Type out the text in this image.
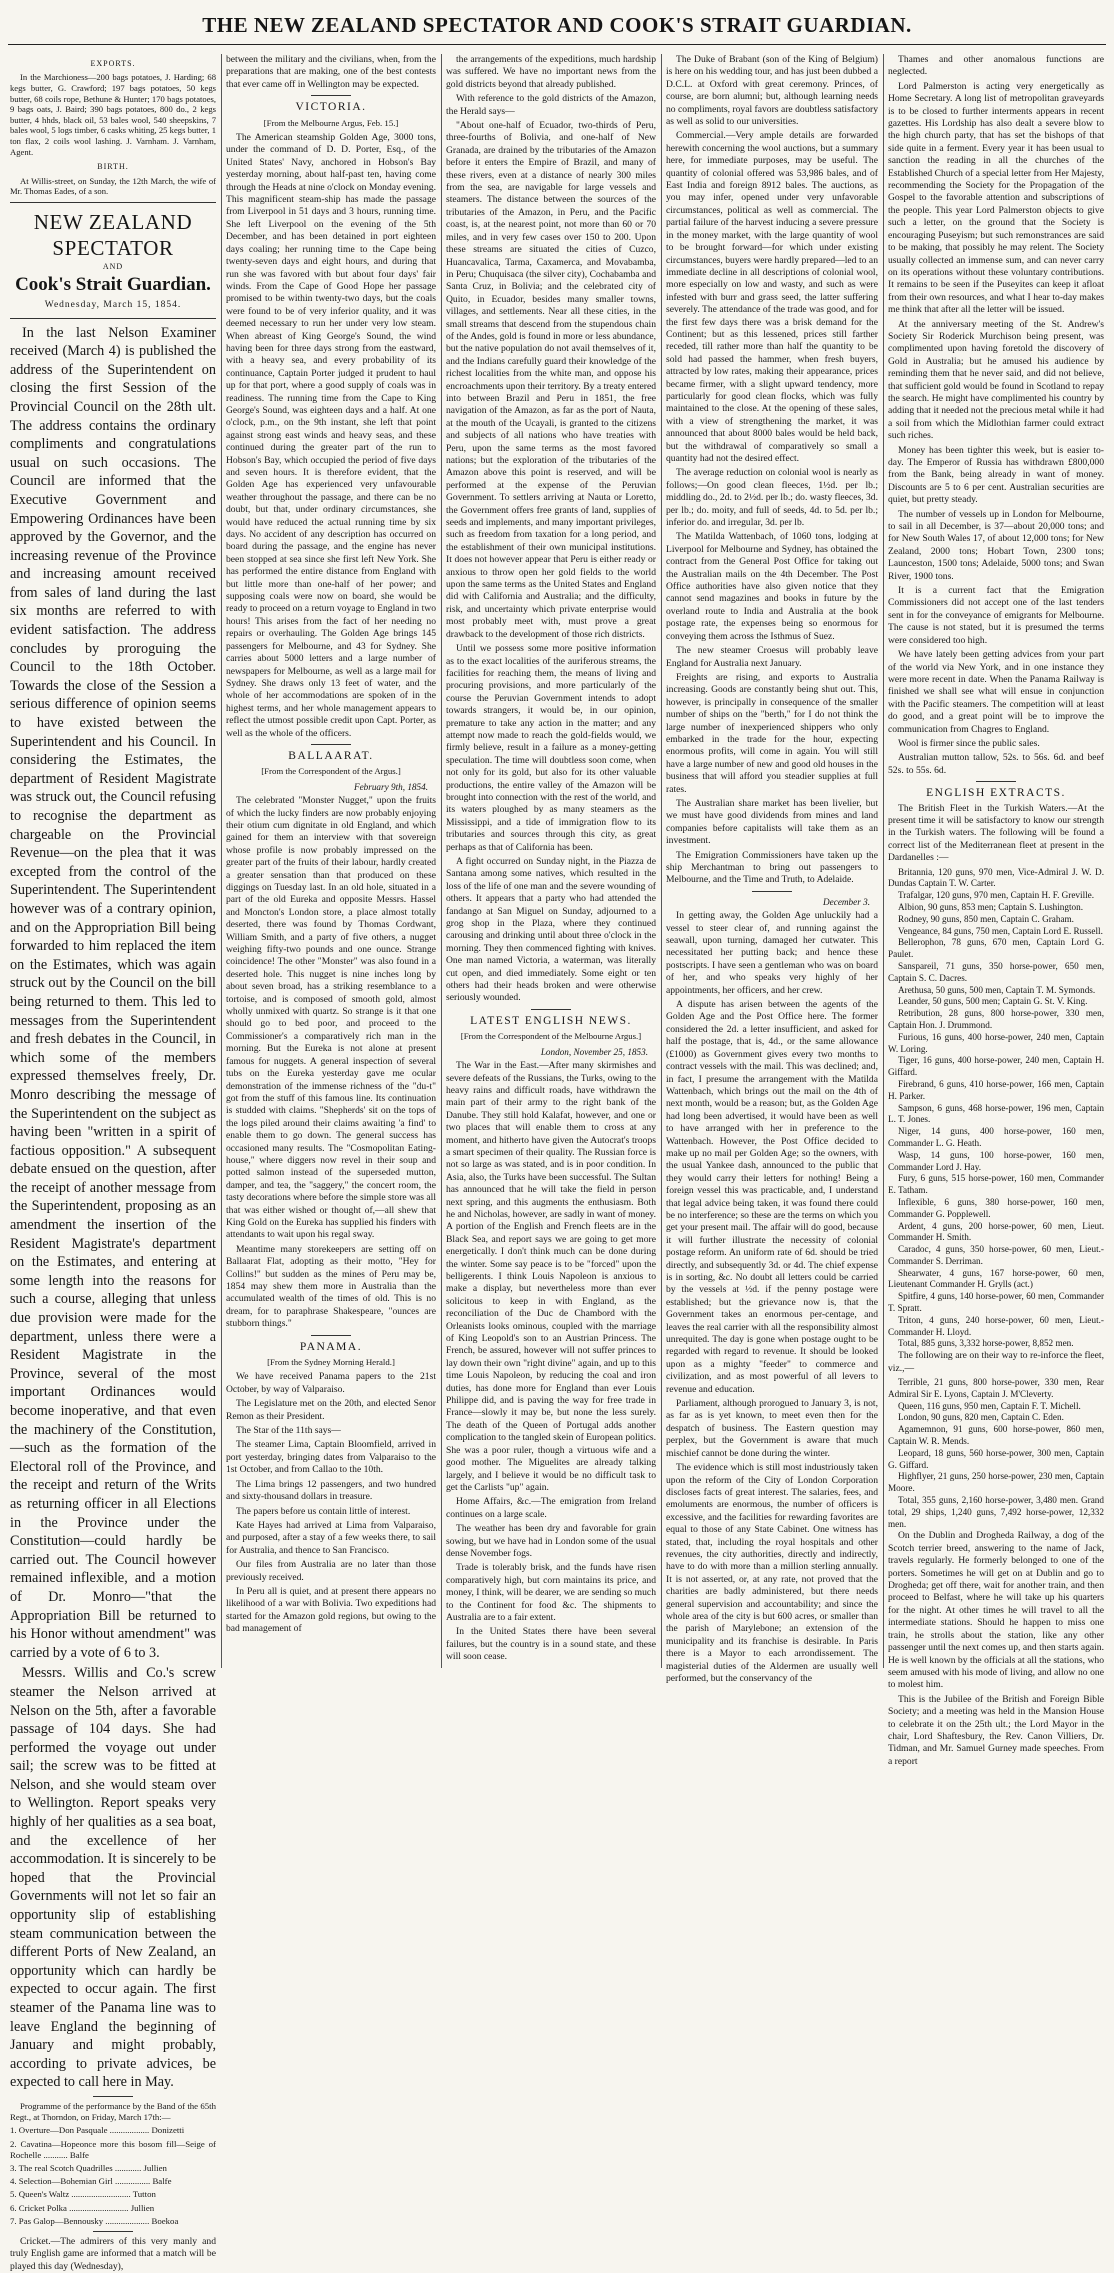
THE NEW ZEALAND SPECTATOR AND COOK'S STRAIT GUARDIAN.
EXPORTS.

In the Marchioness—200 bags potatoes, J. Harding; 68 kegs butter, G. Crawford; 197 bags potatoes, 50 kegs butter, 68 coils rope, Bethune & Hunter; 170 bags potatoes, 9 bags oats, J. Baird; 390 bags potatoes, 800 do., 2 kegs butter, 4 hhds, black oil, 53 bales wool, 540 sheepskins, 7 bales wool, 5 logs timber, 6 casks whiting, 25 kegs butter, 1 ton flax, 2 coils wool lashing. J. Varnham. J. Varnham, Agent.

BIRTH.

At Willis-street, on Sunday, the 12th March, the wife of Mr. Thomas Eades, of a son.

NEW ZEALAND SPECTATOR
AND
Cook's Strait Guardian.
Wednesday, March 15, 1854.

In the last Nelson Examiner received (March 4) is published the address of the Superintendent on closing the first Session of the Provincial Council on the 28th ult. The address contains the ordinary compliments and congratulations usual on such occasions. The Council are informed that the Executive Government and Empowering Ordinances have been approved by the Governor, and the increasing revenue of the Province and increasing amount received from sales of land during the last six months are referred to with evident satisfaction. The address concludes by proroguing the Council to the 18th October. Towards the close of the Session a serious difference of opinion seems to have existed between the Superintendent and his Council. In considering the Estimates, the department of Resident Magistrate was struck out, the Council refusing to recognise the department as chargeable on the Provincial Revenue—on the plea that it was excepted from the control of the Superintendent. The Superintendent however was of a contrary opinion, and on the Appropriation Bill being forwarded to him replaced the item on the Estimates, which was again struck out by the Council on the bill being returned to them. This led to messages from the Superintendent and fresh debates in the Council, in which some of the members expressed themselves freely, Dr. Monro describing the message of the Superintendent on the subject as having been "written in a spirit of factious opposition." A subsequent debate ensued on the question, after the receipt of another message from the Superintendent, proposing as an amendment the insertion of the Resident Magistrate's department on the Estimates, and entering at some length into the reasons for such a course, alleging that unless due provision were made for the department, unless there were a Resident Magistrate in the Province, several of the most important Ordinances would become inoperative, and that even the machinery of the Constitution,—such as the formation of the Electoral roll of the Province, and the receipt and return of the Writs as returning officer in all Elections in the Province under the Constitution—could hardly be carried out. The Council however remained inflexible, and a motion of Dr. Monro—"that the Appropriation Bill be returned to his Honor without amendment" was carried by a vote of 6 to 3.

Messrs. Willis and Co.'s screw steamer the Nelson arrived at Nelson on the 5th, after a favorable passage of 104 days. She had performed the voyage out under sail; the screw was to be fitted at Nelson, and she would steam over to Wellington. Report speaks very highly of her qualities as a sea boat, and the excellence of her accommodation. It is sincerely to be hoped that the Provincial Governments will not let so fair an opportunity slip of establishing steam communication between the different Ports of New Zealand, an opportunity which can hardly be expected to occur again. The first steamer of the Panama line was to leave England the beginning of January and might probably, according to private advices, be expected to call here in May.

Programme of the performance by the Band of the 65th Regt., at Thorndon, on Friday, March 17th:—

1. Overture—Don Pasquale .................. Donizetti

2. Cavatina—Hopeonce more this bosom fill—Seige of Rochelle ........... Balfe

3. The real Scotch Quadrilles ............ Jullien

4. Selection—Bohemian Girl ................ Balfe

5. Queen's Waltz ........................... Tutton

6. Cricket Polka ........................... Jullien

7. Pas Galop—Bennousky .................... Boekoa

Cricket.—The admirers of this very manly and truly English game are informed that a match will be played this day (Wednesday),

between the military and the civilians, when, from the preparations that are making, one of the best contests that ever came off in Wellington may be expected.

VICTORIA.
[From the Melbourne Argus, Feb. 15.]

The American steamship Golden Age, 3000 tons, under the command of D. D. Porter, Esq., of the United States' Navy, anchored in Hobson's Bay yesterday morning, about half-past ten, having come through the Heads at nine o'clock on Monday evening. This magnificent steam-ship has made the passage from Liverpool in 51 days and 3 hours, running time. She left Liverpool on the evening of the 5th December, and has been detained in port eighteen days coaling; her running time to the Cape being twenty-seven days and eight hours, and during that run she was favored with but about four days' fair winds. From the Cape of Good Hope her passage promised to be within twenty-two days, but the coals were found to be of very inferior quality, and it was deemed necessary to run her under very low steam. When abreast of King George's Sound, the wind having been for three days strong from the eastward, with a heavy sea, and every probability of its continuance, Captain Porter judged it prudent to haul up for that port, where a good supply of coals was in readiness. The running time from the Cape to King George's Sound, was eighteen days and a half. At one o'clock, p.m., on the 9th instant, she left that point against strong east winds and heavy seas, and these continued during the greater part of the run to Hobson's Bay, which occupied the period of five days and seven hours. It is therefore evident, that the Golden Age has experienced very unfavourable weather throughout the passage, and there can be no doubt, but that, under ordinary circumstances, she would have reduced the actual running time by six days. No accident of any description has occurred on board during the passage, and the engine has never been stopped at sea since she first left New York. She has performed the entire distance from England with but little more than one-half of her power; and supposing coals were now on board, she would be ready to proceed on a return voyage to England in two hours! This arises from the fact of her needing no repairs or overhauling. The Golden Age brings 145 passengers for Melbourne, and 43 for Sydney. She carries about 5000 letters and a large number of newspapers for Melbourne, as well as a large mail for Sydney. She draws only 13 feet of water, and the whole of her accommodations are spoken of in the highest terms, and her whole management appears to reflect the utmost possible credit upon Capt. Porter, as well as the whole of the officers.

BALLAARAT.
[From the Correspondent of the Argus.]
February 9th, 1854.

The celebrated "Monster Nugget," upon the fruits of which the lucky finders are now probably enjoying their otium cum dignitate in old England, and which gained for them an interview with that sovereign whose profile is now probably impressed on the greater part of the fruits of their labour, hardly created a greater sensation than that produced on these diggings on Tuesday last. In an old hole, situated in a part of the old Eureka and opposite Messrs. Hassel and Moncton's London store, a place almost totally deserted, there was found by Thomas Cordwant, William Smith, and a party of five others, a nugget weighing fifty-two pounds and one ounce. Strange coincidence! The other "Monster" was also found in a deserted hole. This nugget is nine inches long by about seven broad, has a striking resemblance to a tortoise, and is composed of smooth gold, almost wholly unmixed with quartz. So strange is it that one should go to bed poor, and proceed to the Commissioner's a comparatively rich man in the morning. But the Eureka is not alone at present famous for nuggets. A general inspection of several tubs on the Eureka yesterday gave me ocular demonstration of the immense richness of the "du-t" got from the stuff of this famous line. Its continuation is studded with claims. "Shepherds' sit on the tops of the logs piled around their claims awaiting 'a find' to enable them to go down. The general success has occasioned many results. The "Cosmopolitan Eating-house," where diggers now revel in their soup and potted salmon instead of the superseded mutton, damper, and tea, the "saggery," the concert room, the tasty decorations where before the simple store was all that was either wished or thought of,—all shew that King Gold on the Eureka has supplied his finders with attendants to wait upon his regal sway.

Meantime many storekeepers are setting off on Ballaarat Flat, adopting as their motto, "Hey for Collins!" but sudden as the mines of Peru may be, 1854 may shew them more in Australia than the accumulated wealth of the times of old. This is no dream, for to paraphrase Shakespeare, "ounces are stubborn things."

PANAMA.
[From the Sydney Morning Herald.]

We have received Panama papers to the 21st October, by way of Valparaiso.

The Legislature met on the 20th, and elected Senor Remon as their President.

The Star of the 11th says—

The steamer Lima, Captain Bloomfield, arrived in port yesterday, bringing dates from Valparaiso to the 1st October, and from Callao to the 10th.

The Lima brings 12 passengers, and two hundred and sixty-thousand dollars in treasure.

The papers before us contain little of interest.

Kate Hayes had arrived at Lima from Valparaiso, and purposed, after a stay of a few weeks there, to sail for Australia, and thence to San Francisco.

Our files from Australia are no later than those previously received.

In Peru all is quiet, and at present there appears no likelihood of a war with Bolivia. Two expeditions had started for the Amazon gold regions, but owing to the bad management of

the arrangements of the expeditions, much hardship was suffered. We have no important news from the gold districts beyond that already published.

With reference to the gold districts of the Amazon, the Herald says—

"About one-half of Ecuador, two-thirds of Peru, three-fourths of Bolivia, and one-half of New Granada, are drained by the tributaries of the Amazon before it enters the Empire of Brazil, and many of these rivers, even at a distance of nearly 300 miles from the sea, are navigable for large vessels and steamers. The distance between the sources of the tributaries of the Amazon, in Peru, and the Pacific coast, is, at the nearest point, not more than 60 or 70 miles, and in very few cases over 150 to 200. Upon these streams are situated the cities of Cuzco, Huancavalica, Tarma, Caxamerca, and Movabamba, in Peru; Chuquisaca (the silver city), Cochabamba and Santa Cruz, in Bolivia; and the celebrated city of Quito, in Ecuador, besides many smaller towns, villages, and settlements. Near all these cities, in the small streams that descend from the stupendous chain of the Andes, gold is found in more or less abundance, but the native population do not avail themselves of it, and the Indians carefully guard their knowledge of the richest localities from the white man, and oppose his encroachments upon their territory. By a treaty entered into between Brazil and Peru in 1851, the free navigation of the Amazon, as far as the port of Nauta, at the mouth of the Ucayali, is granted to the citizens and subjects of all nations who have treaties with Peru, upon the same terms as the most favored nations; but the exploration of the tributaries of the Amazon above this point is reserved, and will be performed at the expense of the Peruvian Government. To settlers arriving at Nauta or Loretto, the Government offers free grants of land, supplies of seeds and implements, and many important privileges, such as freedom from taxation for a long period, and the establishment of their own municipal institutions. It does not however appear that Peru is either ready or anxious to throw open her gold fields to the world upon the same terms as the United States and England did with California and Australia; and the difficulty, risk, and uncertainty which private enterprise would most probably meet with, must prove a great drawback to the development of those rich districts.

Until we possess some more positive information as to the exact localities of the auriferous streams, the facilities for reaching them, the means of living and procuring provisions, and more particularly of the course the Peruvian Government intends to adopt towards strangers, it would be, in our opinion, premature to take any action in the matter; and any attempt now made to reach the gold-fields would, we firmly believe, result in a failure as a money-getting speculation. The time will doubtless soon come, when not only for its gold, but also for its other valuable productions, the entire valley of the Amazon will be brought into connection with the rest of the world, and its waters ploughed by as many steamers as the Mississippi, and a tide of immigration flow to its tributaries and sources through this city, as great perhaps as that of California has been.

A fight occurred on Sunday night, in the Piazza de Santana among some natives, which resulted in the loss of the life of one man and the severe wounding of others. It appears that a party who had attended the fandango at San Miguel on Sunday, adjourned to a grog shop in the Plaza, where they continued carousing and drinking until about three o'clock in the morning. They then commenced fighting with knives. One man named Victoria, a waterman, was literally cut open, and died immediately. Some eight or ten others had their heads broken and were otherwise seriously wounded.

LATEST ENGLISH NEWS.
[From the Correspondent of the Melbourne Argus.]
London, November 25, 1853.

The War in the East.—After many skirmishes and severe defeats of the Russians, the Turks, owing to the heavy rains and difficult roads, have withdrawn the main part of their army to the right bank of the Danube. They still hold Kalafat, however, and one or two places that will enable them to cross at any moment, and hitherto have given the Autocrat's troops a smart specimen of their quality. The Russian force is not so large as was stated, and is in poor condition. In Asia, also, the Turks have been successful. The Sultan has announced that he will take the field in person next spring, and this augments the enthusiasm. Both he and Nicholas, however, are sadly in want of money. A portion of the English and French fleets are in the Black Sea, and report says we are going to get more energetically. I don't think much can be done during the winter. Some say peace is to be "forced" upon the belligerents. I think Louis Napoleon is anxious to make a display, but nevertheless more than ever solicitous to keep in with England, as the reconciliation of the Duc de Chambord with the Orleanists looks ominous, coupled with the marriage of King Leopold's son to an Austrian Princess. The French, be assured, however will not suffer princes to lay down their own "right divine" again, and up to this time Louis Napoleon, by reducing the coal and iron duties, has done more for England than ever Louis Philippe did, and is paving the way for free trade in France—slowly it may be, but none the less surely. The death of the Queen of Portugal adds another complication to the tangled skein of European politics. She was a poor ruler, though a virtuous wife and a good mother. The Miguelites are already talking largely, and I believe it would be no difficult task to get the Carlists "up" again.

Home Affairs, &c.—The emigration from Ireland continues on a large scale.

The weather has been dry and favorable for grain sowing, but we have had in London some of the usual dense November fogs.

Trade is tolerably brisk, and the funds have risen comparatively high, but corn maintains its price, and money, I think, will be dearer, we are sending so much to the Continent for food &c. The shipments to Australia are to a fair extent.

In the United States there have been several failures, but the country is in a sound state, and these will soon cease.

The Duke of Brabant (son of the King of Belgium) is here on his wedding tour, and has just been dubbed a D.C.L. at Oxford with great ceremony. Princes, of course, are born alumni; but, although learning needs no compliments, royal favors are doubtless satisfactory as well as solid to our universities.

Commercial.—Very ample details are forwarded herewith concerning the wool auctions, but a summary here, for immediate purposes, may be useful. The quantity of colonial offered was 53,986 bales, and of East India and foreign 8912 bales. The auctions, as you may infer, opened under very unfavorable circumstances, political as well as commercial. The partial failure of the harvest inducing a severe pressure in the money market, with the large quantity of wool to be brought forward—for which under existing circumstances, buyers were hardly prepared—led to an immediate decline in all descriptions of colonial wool, more especially on low and wasty, and such as were infested with burr and grass seed, the latter suffering severely. The attendance of the trade was good, and for the first few days there was a brisk demand for the Continent; but as this lessened, prices still farther receded, till rather more than half the quantity to be sold had passed the hammer, when fresh buyers, attracted by low rates, making their appearance, prices became firmer, with a slight upward tendency, more particularly for good clean flocks, which was fully maintained to the close. At the opening of these sales, with a view of strengthening the market, it was announced that about 8000 bales would be held back, but the withdrawal of comparatively so small a quantity had not the desired effect.

The average reduction on colonial wool is nearly as follows;—On good clean fleeces, 1½d. per lb.; middling do., 2d. to 2½d. per lb.; do. wasty fleeces, 3d. per lb.; do. moity, and full of seeds, 4d. to 5d. per lb.; inferior do. and irregular, 3d. per lb.

The Matilda Wattenbach, of 1060 tons, lodging at Liverpool for Melbourne and Sydney, has obtained the contract from the General Post Office for taking out the Australian mails on the 4th December. The Post Office authorities have also given notice that they cannot send magazines and books in future by the overland route to India and Australia at the book postage rate, the expenses being so enormous for conveying them across the Isthmus of Suez.

The new steamer Croesus will probably leave England for Australia next January.

Freights are rising, and exports to Australia increasing. Goods are constantly being shut out. This, however, is principally in consequence of the smaller number of ships on the "berth," for I do not think the large number of inexperienced shippers who only embarked in the trade for the hour, expecting enormous profits, will come in again. You will still have a large number of new and good old houses in the business that will afford you steadier supplies at full rates.

The Australian share market has been livelier, but we must have good dividends from mines and land companies before capitalists will take them as an investment.

The Emigration Commissioners have taken up the ship Merchantman to bring out passengers to Melbourne, and the Time and Truth, to Adelaide.

December 3.

In getting away, the Golden Age unluckily had a vessel to steer clear of, and running against the seawall, upon turning, damaged her cutwater. This necessitated her putting back; and hence these postscripts. I have seen a gentleman who was on board of her, and who speaks very highly of her appointments, her officers, and her crew.

A dispute has arisen between the agents of the Golden Age and the Post Office here. The former considered the 2d. a letter insufficient, and asked for half the postage, that is, 4d., or the same allowance (£1000) as Government gives every two months to contract vessels with the mail. This was declined; and, in fact, I presume the arrangement with the Matilda Wattenbach, which brings out the mail on the 4th of next month, would be a reason; but, as the Golden Age had long been advertised, it would have been as well to have arranged with her in preference to the Wattenbach. However, the Post Office decided to make up no mail per Golden Age; so the owners, with the usual Yankee dash, announced to the public that they would carry their letters for nothing! Being a foreign vessel this was practicable, and, I understand that legal advice being taken, it was found there could be no interference; so these are the terms on which you get your present mail. The affair will do good, because it will further illustrate the necessity of colonial postage reform. An uniform rate of 6d. should be tried directly, and subsequently 3d. or 4d. The chief expense is in sorting, &c. No doubt all letters could be carried by the vessels at ½d. if the penny postage were established; but the grievance now is, that the Government takes an enormous per-centage, and leaves the real carrier with all the responsibility almost unrequited. The day is gone when postage ought to be regarded with regard to revenue. It should be looked upon as a mighty "feeder" to commerce and civilization, and as most powerful of all levers to revenue and education.

Parliament, although prorogued to January 3, is not, as far as is yet known, to meet even then for the despatch of business. The Eastern question may perplex, but the Government is aware that much mischief cannot be done during the winter.

The evidence which is still most industriously taken upon the reform of the City of London Corporation discloses facts of great interest. The salaries, fees, and emoluments are enormous, the number of officers is excessive, and the facilities for rewarding favorites are equal to those of any State Cabinet. One witness has stated, that, including the royal hospitals and other revenues, the city authorities, directly and indirectly, have to do with more than a million sterling annually. It is not asserted, or, at any rate, not proved that the charities are badly administered, but there needs general supervision and accountability; and since the whole area of the city is but 600 acres, or smaller than the parish of Marylebone; an extension of the municipality and its franchise is desirable. In Paris there is a Mayor to each arrondissement. The magisterial duties of the Aldermen are usually well performed, but the conservancy of the

Thames and other anomalous functions are neglected.

Lord Palmerston is acting very energetically as Home Secretary. A long list of metropolitan graveyards is to be closed to further interments appears in recent gazettes. His Lordship has also dealt a severe blow to the high church party, that has set the bishops of that side quite in a ferment. Every year it has been usual to sanction the reading in all the churches of the Established Church of a special letter from Her Majesty, recommending the Society for the Propagation of the Gospel to the favorable attention and subscriptions of the people. This year Lord Palmerston objects to give such a letter, on the ground that the Society is encouraging Puseyism; but such remonstrances are said to be making, that possibly he may relent. The Society usually collected an immense sum, and can never carry on its operations without these voluntary contributions. It remains to be seen if the Puseyites can keep it afloat from their own resources, and what I hear to-day makes me think that after all the letter will be issued.

At the anniversary meeting of the St. Andrew's Society Sir Roderick Murchison being present, was complimented upon having foretold the discovery of Gold in Australia; but he amused his audience by reminding them that he never said, and did not believe, that sufficient gold would be found in Scotland to repay the search. He might have complimented his country by adding that it needed not the precious metal while it had a soil from which the Midlothian farmer could extract such riches.

Money has been tighter this week, but is easier to-day. The Emperor of Russia has withdrawn £800,000 from the Bank, being already in want of money. Discounts are 5 to 6 per cent. Australian securities are quiet, but pretty steady.

The number of vessels up in London for Melbourne, to sail in all December, is 37—about 20,000 tons; and for New South Wales 17, of about 12,000 tons; for New Zealand, 2000 tons; Hobart Town, 2300 tons; Launceston, 1500 tons; Adelaide, 5000 tons; and Swan River, 1900 tons.

It is a current fact that the Emigration Commissioners did not accept one of the last tenders sent in for the conveyance of emigrants for Melbourne. The cause is not stated, but it is presumed the terms were considered too high.

We have lately been getting advices from your part of the world via New York, and in one instance they were more recent in date. When the Panama Railway is finished we shall see what will ensue in conjunction with the Pacific steamers. The competition will at least do good, and a great point will be to improve the communication from Chagres to England.

Wool is firmer since the public sales.

Australian mutton tallow, 52s. to 56s. 6d. and beef 52s. to 55s. 6d.

ENGLISH EXTRACTS.

The British Fleet in the Turkish Waters.—At the present time it will be satisfactory to know our strength in the Turkish waters. The following will be found a correct list of the Mediterranean fleet at present in the Dardanelles :—

Britannia, 120 guns, 970 men, Vice-Admiral J. W. D. Dundas Captain T. W. Carter.

Trafalgar, 120 guns, 970 men, Captain H. F. Greville.

Albion, 90 guns, 853 men; Captain S. Lushington.

Rodney, 90 guns, 850 men, Captain C. Graham.

Vengeance, 84 guns, 750 men, Captain Lord E. Russell.

Bellerophon, 78 guns, 670 men, Captain Lord G. Paulet.

Sanspareil, 71 guns, 350 horse-power, 650 men, Captain S. C. Dacres.

Arethusa, 50 guns, 500 men, Captain T. M. Symonds.

Leander, 50 guns, 500 men; Captain G. St. V. King.

Retribution, 28 guns, 800 horse-power, 330 men, Captain Hon. J. Drummond.

Furious, 16 guns, 400 horse-power, 240 men, Captain W. Loring.

Tiger, 16 guns, 400 horse-power, 240 men, Captain H. Giffard.

Firebrand, 6 guns, 410 horse-power, 166 men, Captain H. Parker.

Sampson, 6 guns, 468 horse-power, 196 men, Captain L. T. Jones.

Niger, 14 guns, 400 horse-power, 160 men, Commander L. G. Heath.

Wasp, 14 guns, 100 horse-power, 160 men, Commander Lord J. Hay.

Fury, 6 guns, 515 horse-power, 160 men, Commander E. Tatham.

Inflexible, 6 guns, 380 horse-power, 160 men, Commander G. Popplewell.

Ardent, 4 guns, 200 horse-power, 60 men, Lieut. Commander H. Smith.

Caradoc, 4 guns, 350 horse-power, 60 men, Lieut.-Commander S. Derriman.

Shearwater, 4 guns, 167 horse-power, 60 men, Lieutenant Commander H. Grylls (act.)

Spitfire, 4 guns, 140 horse-power, 60 men, Commander T. Spratt.

Triton, 4 guns, 240 horse-power, 60 men, Lieut.-Commander H. Lloyd.

Total, 885 guns, 3,332 horse-power, 8,852 men.

The following are on their way to re-inforce the fleet, viz.,—

Terrible, 21 guns, 800 horse-power, 330 men, Rear Admiral Sir E. Lyons, Captain J. M'Cleverty.

Queen, 116 guns, 950 men, Captain F. T. Michell.

London, 90 guns, 820 men, Captain C. Eden.

Agamemnon, 91 guns, 600 horse-power, 860 men, Captain W. R. Mends.

Leopard, 18 guns, 560 horse-power, 300 men, Captain G. Giffard.

Highflyer, 21 guns, 250 horse-power, 230 men, Captain Moore.

Total, 355 guns, 2,160 horse-power, 3,480 men. Grand total, 29 ships, 1,240 guns, 7,492 horse-power, 12,332 men.

On the Dublin and Drogheda Railway, a dog of the Scotch terrier breed, answering to the name of Jack, travels regularly. He formerly belonged to one of the porters. Sometimes he will get on at Dublin and go to Drogheda; get off there, wait for another train, and then proceed to Belfast, where he will take up his quarters for the night. At other times he will travel to all the intermediate stations. Should he happen to miss one train, he strolls about the station, like any other passenger until the next comes up, and then starts again. He is well known by the officials at all the stations, who seem amused with his mode of living, and allow no one to molest him.

This is the Jubilee of the British and Foreign Bible Society; and a meeting was held in the Mansion House to celebrate it on the 25th ult.; the Lord Mayor in the chair, Lord Shaftesbury, the Rev. Canon Villiers, Dr. Tidman, and Mr. Samuel Gurney made speeches. From a report
